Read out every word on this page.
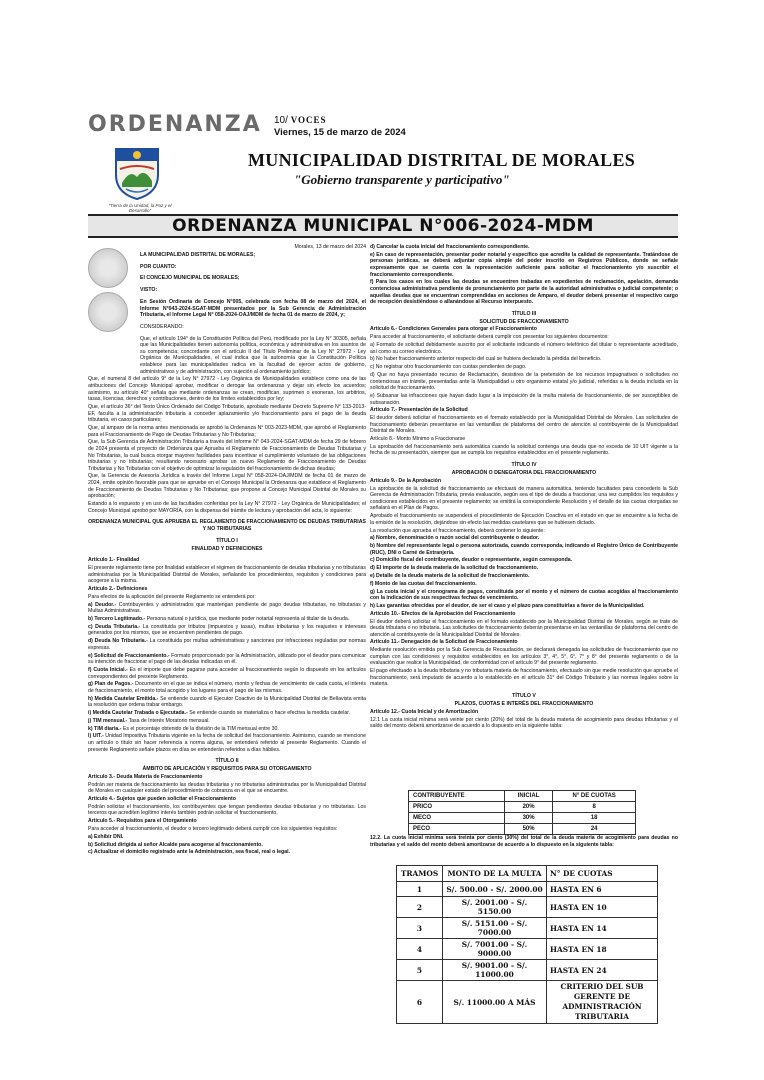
ORDENANZA 10/ VOCES
Viernes, 15 de marzo de 2024
"Tierra de la Unidad, la Paz y el Desarrollo"
MUNICIPALIDAD DISTRITAL DE MORALES
"Gobierno transparente y participativo"
ORDENANZA MUNICIPAL N°006-2024-MDM

Morales, 13 de marzo del 2024

LA MUNICIPALIDAD DISTRITAL DE MORALES;

POR CUANTO:

El CONCEJO MUNICIPAL DE MORALES;

VISTO:

En Sesión Ordinaria de Concejo N°005, celebrada con fecha 08 de marzo del 2024, el Informe N°043-2024-SGAT-MDM presentados por la Sub Gerencia de Administración Tributaria, el Informe Legal N° 058-2024-OAJ/MDM de fecha 01 de marzo de 2024, y;

CONSIDERANDO:

Que, el artículo 194° de la Constitución Política del Perú, modificado por la Ley N° 30305, señala que las Municipalidades tienen autonomía política, económica y administrativa en los asuntos de su competencia; concordante con el artículo II del Título Preliminar de la Ley N° 27972 - Ley Orgánica de Municipalidades, el cual indica que la autonomía que la Constitución Política establece para las municipalidades radica en la facultad de ejercer actos de gobierno, administrativos y de administración, con sujeción al ordenamiento jurídico;

Que, el numeral 8 del artículo 9° de la Ley N° 27972 - Ley Orgánica de Municipalidades establece como una de las atribuciones del Concejo Municipal aprobar, modificar o derogar las ordenanzas y dejar sin efecto los acuerdos; asimismo, su artículo 40° señala que mediante ordenanzas se crean, modifican, suprimen o exoneran, los arbitrios, tasas, licencias, derechos y contribuciones, dentro de los límites establecidos por ley;

Que, el artículo 36° del Texto Único Ordenado del Código Tributario, aprobado mediante Decreto Supremo N° 133-2013-EF, faculta a la administración tributaria a conceder aplazamiento y/o fraccionamiento para el pago de la deuda tributaria, en casos particulares;

Que, al amparo de la norma antes mencionada se aprobó la Ordenanza N° 003-2023-MDM, que aprobó el Reglamento para el Fraccionamiento de Pago de Deudas Tributarias y No Tributarias;

Que, la Sub Gerencia de Administración Tributaria a través del Informe N° 043-2024-SGAT-MDM de fecha 29 de febrero de 2024 presenta el proyecto de Ordenanza que Aprueba el Reglamento de Fraccionamiento de Deudas Tributarias y No Tributarias, la cual busca otorgar mayores facilidades para incentivar el cumplimiento voluntario de las obligaciones tributarias y no tributarias; resultando necesario aprobar un nuevo Reglamento de Fraccionamiento de Deudas Tributarias y No Tributarias con el objetivo de optimizar la regulación del fraccionamiento de dichas deudas;

Que, la Gerencia de Asesoría Jurídica a través del Informe Legal N° 058-2024-OAJ/MDM de fecha 01 de marzo de 2024, emite opinión favorable para que se apruebe en el Concejo Municipal la Ordenanza que establece el Reglamento de Fraccionamiento de Deudas Tributarias y No Tributarias; que propone al Concejo Municipal Distrital de Morales su aprobación;

Estando a lo expuesto y en uso de las facultades conferidas por la Ley N° 27972 - Ley Orgánica de Municipalidades; el Concejo Municipal aprobó por MAYORÍA, con la dispensa del trámite de lectura y aprobación del acta, lo siguiente:

ORDENANZA MUNICIPAL QUE APRUEBA EL REGLAMENTO DE FRACCIONAMIENTO DE DEUDAS TRIBUTARIAS Y NO TRIBUTARIAS

TÍTULO I

FINALIDAD Y DEFINICIONES

Artículo 1.- Finalidad

El presente reglamento tiene por finalidad establecer el régimen de fraccionamiento de deudas tributarias y no tributarias administradas por la Municipalidad Distrital de Morales, señalando los procedimientos, requisitos y condiciones para acogerse a la misma.

Artículo 2.- Definiciones

Para efectos de la aplicación del presente Reglamento se entenderá por:

a) Deudor.- Contribuyentes y administrados que mantengan pendiente de pago deudas tributarias, no tributarias y Multas Administrativas.

b) Tercero Legitimado.- Persona natural o jurídica, que mediante poder notarial representa al titular de la deuda.

c) Deuda Tributaria.- La constituida por tributos (impuestos y tasas), multas tributarias y los reajustes e intereses generados por los mismos, que se encuentren pendientes de pago.

d) Deuda No Tributaria.- La constituida por multas administrativas y sanciones por infracciones reguladas por normas expresas.

e) Solicitud de Fraccionamiento.- Formato proporcionado por la Administración, utilizado por el deudor para comunicar su intención de fraccionar el pago de las deudas indicadas en él.

f) Cuota Inicial.- Es el importe que debe pagarse para acceder al fraccionamiento según lo dispuesto en los artículos correspondientes del presente Reglamento.

g) Plan de Pagos.- Documento en el que se indica el número, monto y fechas de vencimiento de cada cuota, el interés de fraccionamiento, el monto total acogido y los lugares para el pago de las mismas.

h) Medida Cautelar Emitida.- Se entiende cuando el Ejecutor Coactivo de la Municipalidad Distrital de Bellavista emita la resolución que ordena trabar embargo.

i) Medida Cautelar Trabada o Ejecutada.- Se entiende cuando se materializa o hace efectiva la medida cautelar.

j) TIM mensual.- Tasa de Interés Moratorio mensual.

k) TIM diaria.- Es el porcentaje obtenido de la división de la TIM mensual entre 30.

l) UIT.- Unidad Impositiva Tributaria vigente en la fecha de solicitud del fraccionamiento. Asimismo, cuando se mencione un artículo o título sin hacer referencia a norma alguna, se entenderá referido al presente Reglamento. Cuando el presente Reglamento señale plazos en días se entenderán referidos a días hábiles.

TÍTULO II

ÁMBITO DE APLICACIÓN Y REQUISITOS PARA SU OTORGAMIENTO

Artículo 3.- Deuda Materia de Fraccionamiento

Podrán ser materia de fraccionamiento las deudas tributarias y no tributarias administradas por la Municipalidad Distrital de Morales en cualquier estado del procedimiento de cobranza en el que se encuentre.

Artículo 4.- Sujetos que pueden solicitar el Fraccionamiento

Podrán solicitar el fraccionamiento, los contribuyentes que tengan pendientes deudas tributarias y no tributarias. Los terceros que acrediten legítimo interés también podrán solicitar el fraccionamiento.

Artículo 5.- Requisitos para el Otorgamiento

Para acceder al fraccionamiento, el deudor o tercero legitimado deberá cumplir con los siguientes requisitos:

a) Exhibir DNI.

b) Solicitud dirigida al señor Alcalde para acogerse al fraccionamiento.

c) Actualizar el domicilio registrado ante la Administración, sea fiscal, real o legal.

d) Cancelar la cuota inicial del fraccionamiento correspondiente.

e) En caso de representación, presentar poder notarial y específico que acredite la calidad de representante. Tratándose de personas jurídicas, se deberá adjuntar copia simple del poder inscrito en Registros Públicos, donde se señale expresamente que se cuenta con la representación suficiente para solicitar el fraccionamiento y/o suscribir el fraccionamiento correspondiente.

f) Para los casos en los cuales las deudas se encuentren trabadas en expedientes de reclamación, apelación, demanda contenciosa administrativa pendiente de pronunciamiento por parte de la autoridad administrativa o judicial competente; o aquellas deudas que se encuentran comprendidas en acciones de Amparo, el deudor deberá presentar el respectivo cargo de recepción desistiéndose o allanándose al Recurso interpuesto.

TÍTULO III

SOLICITUD DE FRACCIONAMIENTO

Artículo 6.- Condiciones Generales para otorgar el Fraccionamiento

Para acceder al fraccionamiento, el solicitante deberá cumplir con presentar los siguientes documentos:

a) Formato de solicitud debidamente suscrito por el solicitante indicando el número telefónico del titular o representante acreditado, así como su correo electrónico.

b) No haber fraccionamiento anterior respecto del cual se hubiera declarado la pérdida del beneficio.

c) No registrar otro fraccionamiento con cuotas pendientes de pago.

d) Que no haya presentado recurso de Reclamación, desistires de la pretensión de los recursos impugnativos o solicitudes no contenciosas en trámite, presentadas ante la Municipalidad u otro organismo estatal y/o judicial, referidas a la deuda incluida en la solicitud de fraccionamiento.

e) Subsanar las infracciones que hayan dado lugar a la imposición de la multa materia de fraccionamiento, de ser susceptibles de subsanación.

Artículo 7.- Presentación de la Solicitud

El deudor deberá solicitar el fraccionamiento en el formato establecido por la Municipalidad Distrital de Morales. Las solicitudes de fraccionamiento deberán presentarse en las ventanillas de plataforma del centro de atención al contribuyente de la Municipalidad Distrital de Morales.

Artículo 8.- Monto Mínimo a Fraccionarse

La aprobación del fraccionamiento será automática cuando la solicitud contenga una deuda que no exceda de 10 UIT vigente a la fecha de su presentación, siempre que se cumpla los requisitos establecidos en el presente reglamento.

TÍTULO IV

APROBACIÓN O DENEGATORIA DEL FRACCIONAMIENTO

Artículo 9.- De la Aprobación

La aprobación de la solicitud de fraccionamiento se efectuará de manera automática, teniendo facultades para concederlo la Sub Gerencia de Administración Tributaria, previa evaluación, según sea el tipo de deuda a fraccionar, una vez cumplidos los requisitos y condiciones establecidos en el presente reglamento; se emitirá la correspondiente Resolución y el detalle de las cuotas otorgadas se señalará en el Plan de Pagos.

Aprobado el fraccionamiento se suspenderá el procedimiento de Ejecución Coactiva en el estado en que se encuentre a la fecha de la emisión de la resolución, dejándose sin efecto las medidas cautelares que se hubiesen dictado.

La resolución que aprueba el fraccionamiento, deberá contener lo siguiente:

a) Nombre, denominación o razón social del contribuyente o deudor.

b) Nombre del representante legal o persona autorizada, cuando corresponda, indicando el Registro Único de Contribuyente (RUC), DNI o Carné de Extranjería.

c) Domicilio fiscal del contribuyente, deudor o representante, según corresponda.

d) El importe de la deuda materia de la solicitud de fraccionamiento.

e) Detalle de la deuda materia de la solicitud de fraccionamiento.

f) Monto de las cuotas del fraccionamiento.

g) La cuota inicial y el cronograma de pagos, constituida por el monto y el número de cuotas acogidas al fraccionamiento con la indicación de sus respectivas fechas de vencimiento.

h) Las garantías ofrecidas por el deudor, de ser el caso y el plazo para constituirlas a favor de la Municipalidad.

Artículo 10.- Efectos de la Aprobación del Fraccionamiento

El deudor deberá solicitar el fraccionamiento en el formato establecido por la Municipalidad Distrital de Morales, según se trate de deuda tributaria o no tributaria. Las solicitudes de fraccionamiento deberán presentarse en las ventanillas de plataforma del centro de atención al contribuyente de la Municipalidad Distrital de Morales.

Artículo 11.- Denegación de la Solicitud de Fraccionamiento

Mediante resolución emitida por la Sub Gerencia de Recaudación, se declarará denegada las solicitudes de fraccionamiento que no cumplan con las condiciones y requisitos establecidos en los artículos 3°, 4°, 5°, 6°, 7° y 8° del presente reglamento o de la evaluación que realice la Municipalidad, de conformidad con el artículo 9° del presente reglamento.

El pago efectuado a la deuda tributaria y no tributaria materia de fraccionamiento, efectuado sin que medie resolución que apruebe el fraccionamiento, será imputado de acuerdo a lo establecido en el artículo 31° del Código Tributario y las normas legales sobre la materia.

TÍTULO V

PLAZOS, CUOTAS E INTERÉS DEL FRACCIONAMIENTO

Artículo 12.- Cuota Inicial y de Amortización

12.1 La cuota inicial mínima será veinte por ciento (20%) del total de la deuda materia de acogimiento para deudas tributarias y el saldo del monto deberá amortizarse de acuerdo a lo dispuesto en la siguiente tabla:

CONTRIBUYENTE	INICIAL	N° DE CUOTAS
PRICO	20%	8
MECO	30%	18
PECO	50%	24

12.2. La cuota inicial mínima será treinta por ciento (30%) del total de la deuda materia de acogimiento para deudas no tributarias y el saldo del monto deberá amortizarse de acuerdo a lo dispuesto en la siguiente tabla:

TRAMOS	MONTO DE LA MULTA	N° DE CUOTAS
1	S/. 500.00 - S/. 2000.00	HASTA EN 6
2	S/. 2001.00 - S/. 5150.00	HASTA EN 10
3	S/. 5151.00 - S/. 7000.00	HASTA EN 14
4	S/. 7001.00 - S/. 9000.00	HASTA EN 18
5	S/. 9001.00 - S/. 11000.00	HASTA EN 24
6	S/. 11000.00 A MÁS	CRITERIO DEL SUB GERENTE DE ADMINISTRACIÓN TRIBUTARIA
